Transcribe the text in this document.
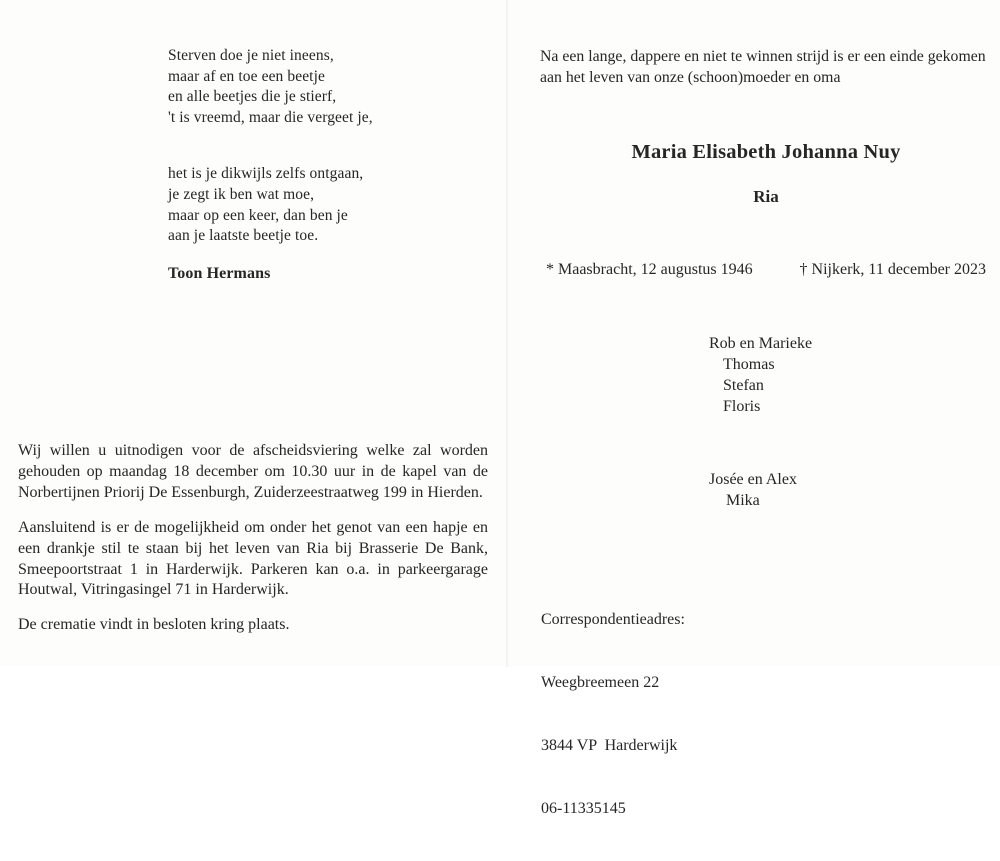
Sterven doe je niet ineens,
maar af en toe een beetje
en alle beetjes die je stierf,
't is vreemd, maar die vergeet je,
het is je dikwijls zelfs ontgaan,
je zegt ik ben wat moe,
maar op een keer, dan ben je
aan je laatste beetje toe.
Toon Hermans
Wij willen u uitnodigen voor de afscheidsviering welke zal worden
gehouden op maandag 18 december om 10.30 uur in de kapel van de
Norbertijnen Priorij De Essenburgh, Zuiderzeestraatweg 199 in Hierden.
Aansluitend is er de mogelijkheid om onder het genot van een hapje en
een drankje stil te staan bij het leven van Ria bij Brasserie De Bank,
Smeepoortstraat 1 in Harderwijk. Parkeren kan o.a. in parkeergarage
Houtwal, Vitringasingel 71 in Harderwijk.
De crematie vindt in besloten kring plaats.
Na een lange, dappere en niet te winnen strijd is er een einde gekomen
aan het leven van onze (schoon)moeder en oma
Maria Elisabeth Johanna Nuy
Ria
* Maasbracht, 12 augustus 1946	† Nijkerk, 11 december 2023
Rob en Marieke
Thomas
Stefan
Floris
Josée en Alex
Mika

Correspondentieadres:

Weegbreemeen 22

3844 VP  Harderwijk

06-11335145
